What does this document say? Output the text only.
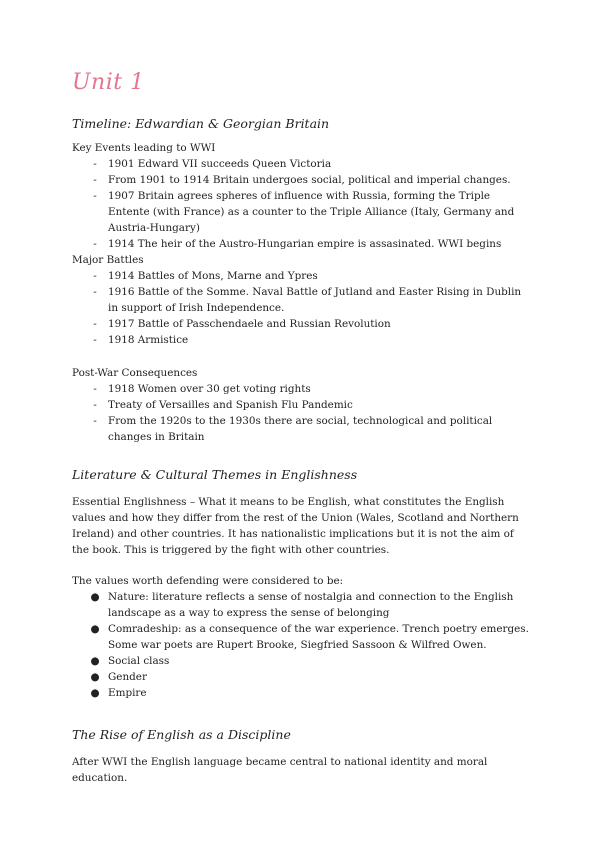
Unit 1
Timeline: Edwardian & Georgian Britain
Key Events leading to WWI
-	1901 Edward VII succeeds Queen Victoria
-	From 1901 to 1914 Britain undergoes social, political and imperial changes.
-	1907 Britain agrees spheres of influence with Russia, forming the Triple Entente (with France) as a counter to the Triple Alliance (Italy, Germany and Austria-Hungary)
-	1914 The heir of the Austro-Hungarian empire is assasinated. WWI begins
Major Battles
-	1914 Battles of Mons, Marne and Ypres
-	1916 Battle of the Somme. Naval Battle of Jutland and Easter Rising in Dublin in support of Irish Independence.
-	1917 Battle of Passchendaele and Russian Revolution
-	1918 Armistice
Post-War Consequences
-	1918 Women over 30 get voting rights
-	Treaty of Versailles and Spanish Flu Pandemic
-	From the 1920s to the 1930s there are social, technological and political changes in Britain
Literature & Cultural Themes in Englishness
Essential Englishness – What it means to be English, what constitutes the English values and how they differ from the rest of the Union (Wales, Scotland and Northern Ireland) and other countries. It has nationalistic implications but it is not the aim of the book. This is triggered by the fight with other countries.
The values worth defending were considered to be:
● Nature: literature reflects a sense of nostalgia and connection to the English landscape as a way to express the sense of belonging
● Comradeship: as a consequence of the war experience. Trench poetry emerges. Some war poets are Rupert Brooke, Siegfried Sassoon & Wilfred Owen.
● Social class
● Gender
● Empire
The Rise of English as a Discipline
After WWI the English language became central to national identity and moral education.
